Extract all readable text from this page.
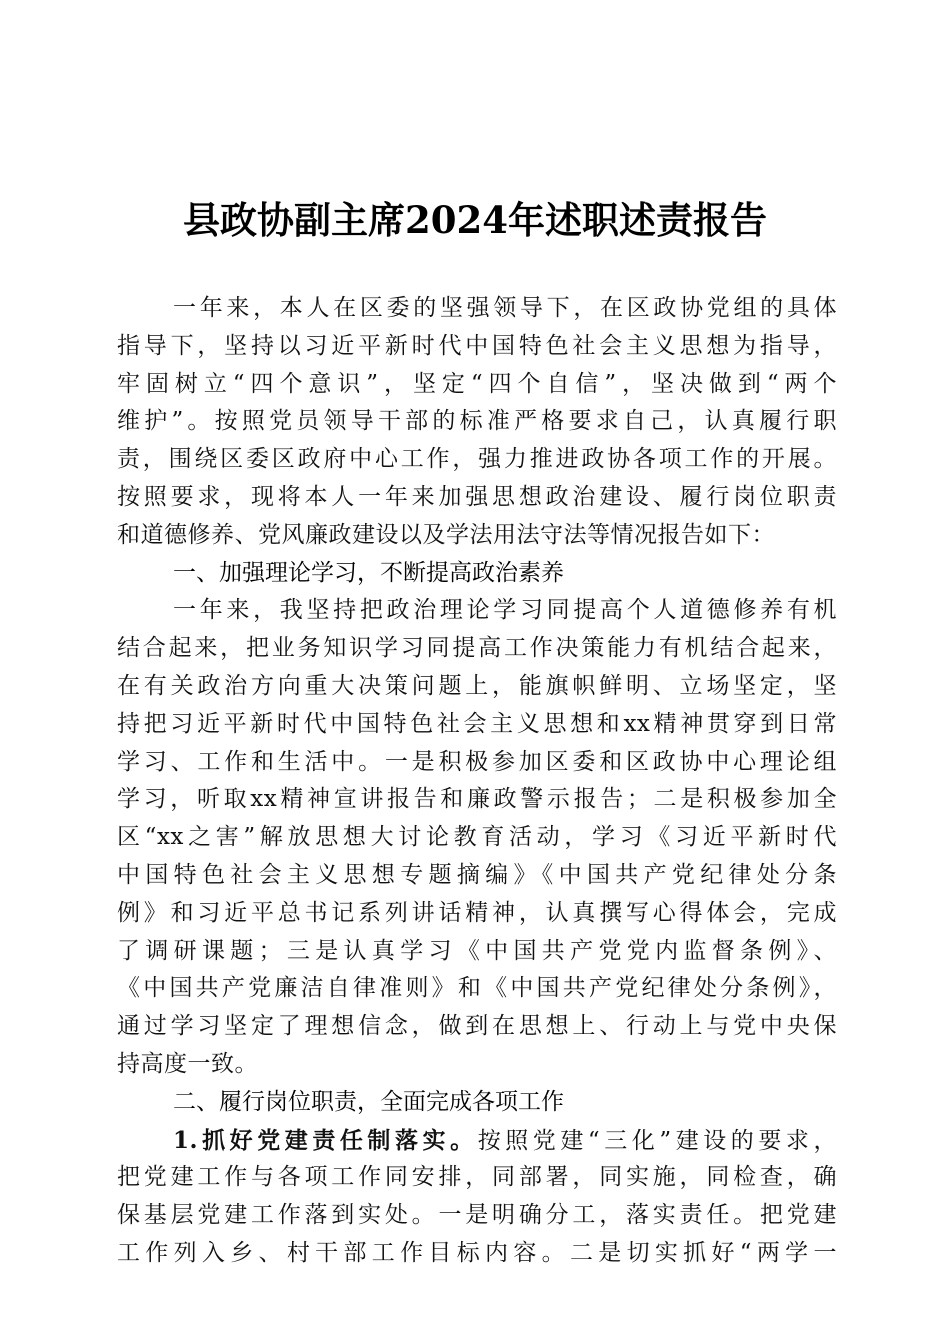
县政协副主席2024年述职述责报告
一年来，本人在区委的坚强领导下，在区政协党组的具体
指导下，坚持以习近平新时代中国特色社会主义思想为指导，
牢固树立“四个意识”，坚定“四个自信”，坚决做到“两个
维护”。按照党员领导干部的标准严格要求自己，认真履行职
责，围绕区委区政府中心工作，强力推进政协各项工作的开展。
按照要求，现将本人一年来加强思想政治建设、履行岗位职责
和道德修养、党风廉政建设以及学法用法守法等情况报告如下：
一、加强理论学习，不断提高政治素养
一年来，我坚持把政治理论学习同提高个人道德修养有机
结合起来，把业务知识学习同提高工作决策能力有机结合起来，
在有关政治方向重大决策问题上，能旗帜鲜明、立场坚定，坚
持把习近平新时代中国特色社会主义思想和xx精神贯穿到日常
学习、工作和生活中。一是积极参加区委和区政协中心理论组
学习，听取xx精神宣讲报告和廉政警示报告；二是积极参加全
区“xx之害”解放思想大讨论教育活动，学习《习近平新时代
中国特色社会主义思想专题摘编》《中国共产党纪律处分条
例》和习近平总书记系列讲话精神，认真撰写心得体会，完成
了调研课题；三是认真学习《中国共产党党内监督条例》、
《中国共产党廉洁自律准则》和《中国共产党纪律处分条例》，
通过学习坚定了理想信念，做到在思想上、行动上与党中央保
持高度一致。
二、履行岗位职责，全面完成各项工作
1.抓好党建责任制落实。按照党建“三化”建设的要求，
把党建工作与各项工作同安排，同部署，同实施，同检查，确
保基层党建工作落到实处。一是明确分工，落实责任。把党建
工作列入乡、村干部工作目标内容。二是切实抓好“两学一
